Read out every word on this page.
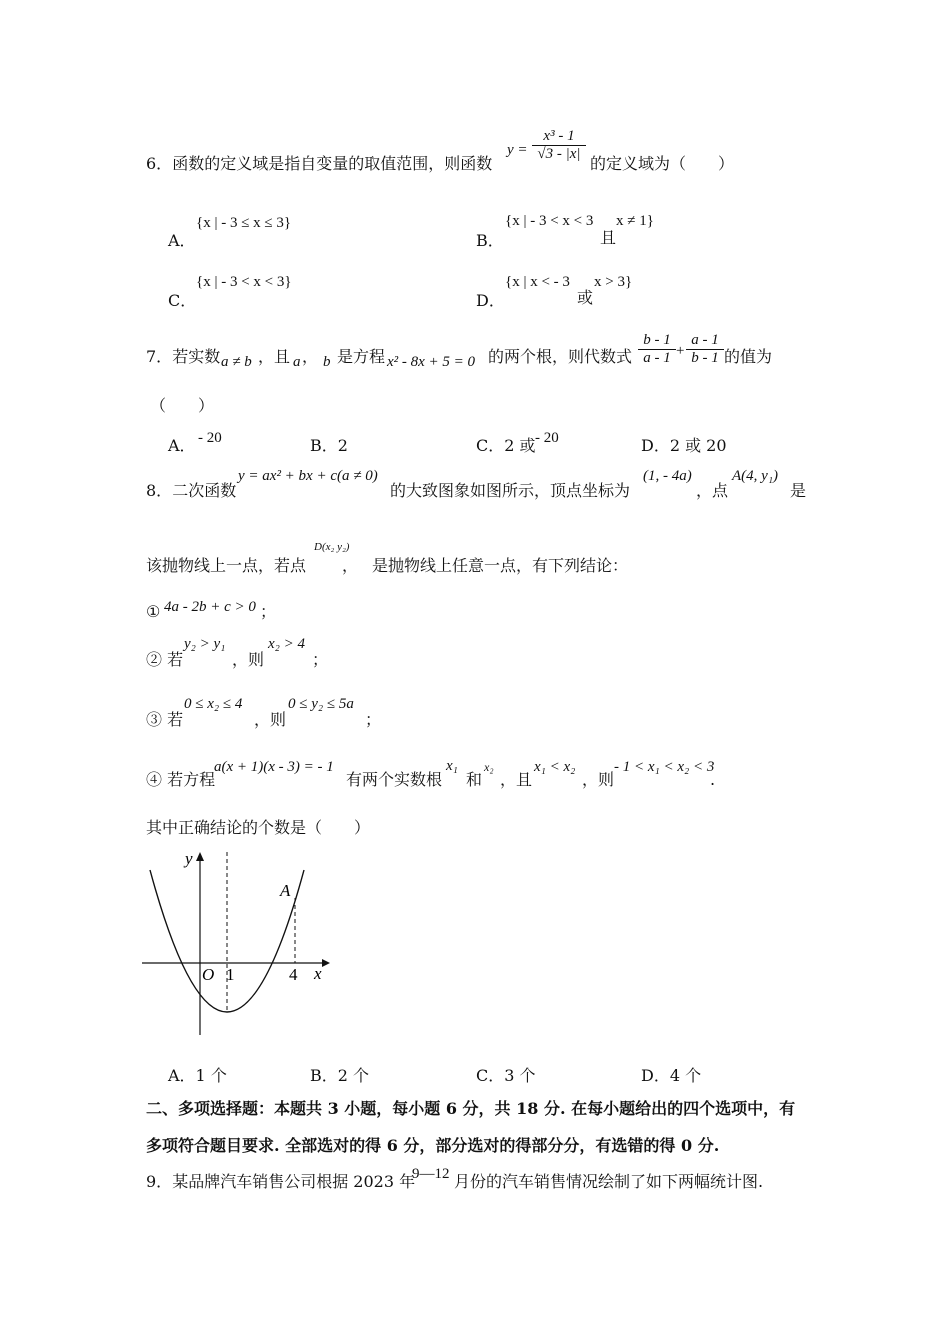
6．函数的定义域是指自变量的取值范围，则函数
y =
x³ - 1
√3 - |x| 的定义域为（　　）
A．
{x | - 3 ≤ x ≤ 3}
B．
{x | - 3 < x < 3
且
x ≠ 1}
C．
{x | - 3 < x < 3}
D．
{x | x < - 3
或
x > 3}
7．若实数 a ≠ b ，且 a ， b 是方程 x² - 8x + 5 = 0 的两个根，则代数式
b - 1
a - 1 +
a - 1
b - 1 的值为
（　　）
A． - 20	B．2	C．2 或 - 20	D．2 或 20
8．二次函数
y = ax² + bx + c(a ≠ 0)
的大致图象如图所示，顶点坐标为
(1, - 4a)
，点
A(4, y₁)
是
该抛物线上一点，若点
D(x₂ y₂)
， 是抛物线上任意一点，有下列结论：
① 4a - 2b + c > 0 ；
② 若
y₂ > y₁
，则
x₂ > 4
；
③ 若
0 ≤ x₂ ≤ 4
，则
0 ≤ y₂ ≤ 5a
；
④ 若方程
a(x + 1)(x - 3) = - 1
有两个实数根
x₁
和
x₂
，且
x₁ < x₂
，则
- 1 < x₁ < x₂ < 3
.
其中正确结论的个数是（　　）
y
x
O 1	4
A
A．1 个	B．2 个	C．3 个	D．4 个
二、多项选择题：本题共 3 小题，每小题 6 分，共 18 分. 在每小题给出的四个选项中，有
多项符合题目要求. 全部选对的得 6 分，部分选对的得部分分，有选错的得 0 分.
9．某品牌汽车销售公司根据 2023 年
9—12 月份的汽车销售情况绘制了如下两幅统计图.
